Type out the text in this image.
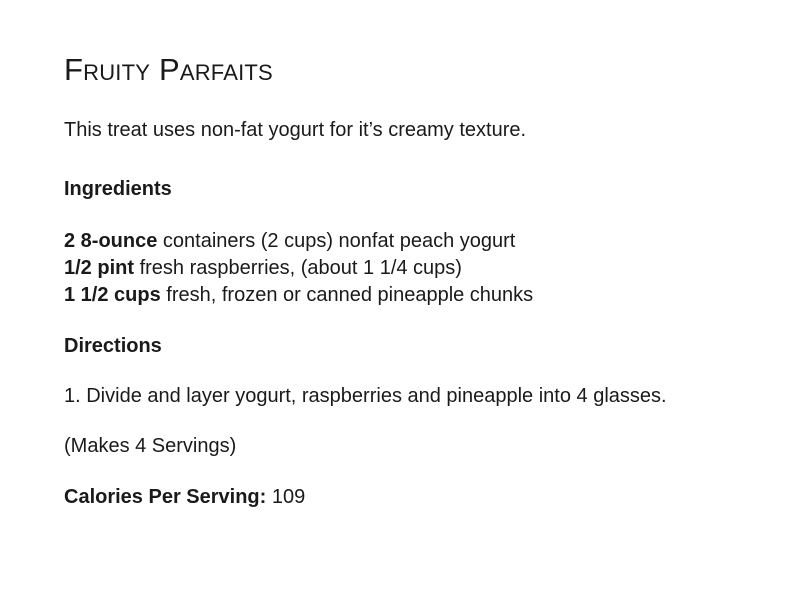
Fruity Parfaits

This treat uses non-fat yogurt for it’s creamy texture.

Ingredients

2 8-ounce containers (2 cups) nonfat peach yogurt

1/2 pint fresh raspberries, (about 1 1/4 cups)

1 1/2 cups fresh, frozen or canned pineapple chunks

Directions

1. Divide and layer yogurt, raspberries and pineapple into 4 glasses.

(Makes 4 Servings)

Calories Per Serving: 109
